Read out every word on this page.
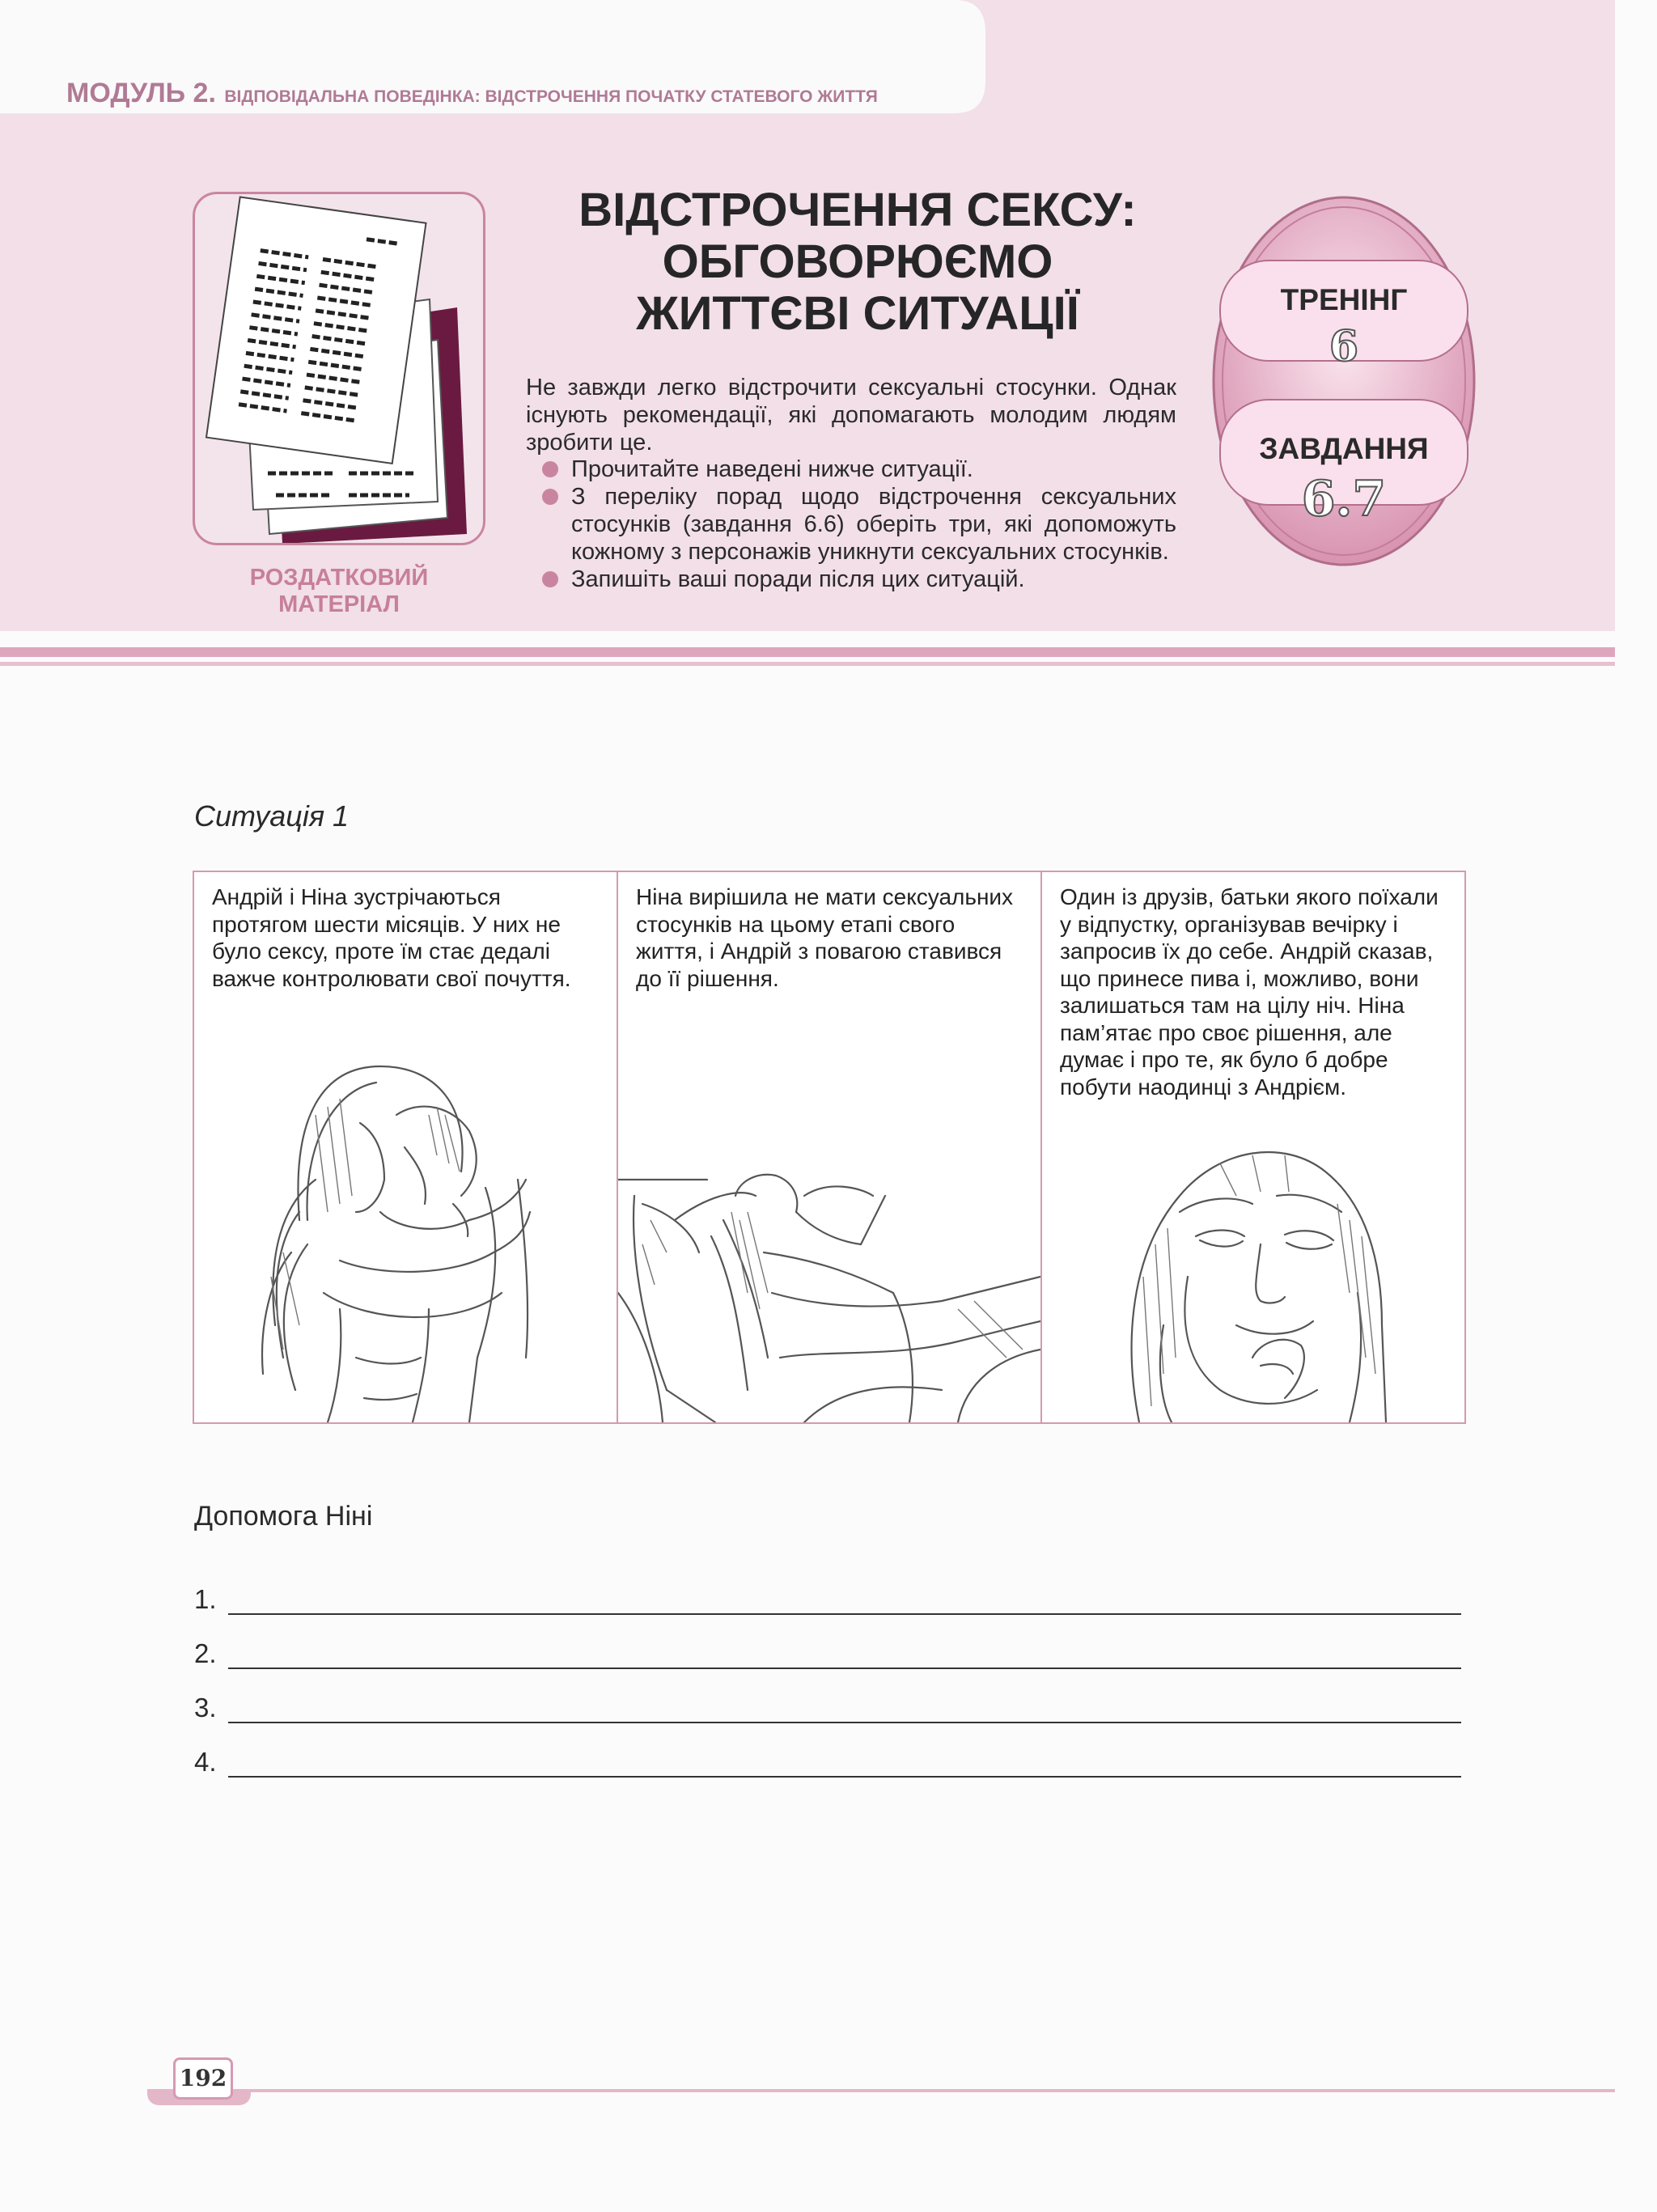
МОДУЛЬ 2. ВІДПОВІДАЛЬНА ПОВЕДІНКА: ВІДСТРОЧЕННЯ ПОЧАТКУ СТАТЕВОГО ЖИТТЯ
РОЗДАТКОВИЙ
МАТЕРІАЛ
ВІДСТРОЧЕННЯ СЕКСУ:
ОБГОВОРЮЄМО
ЖИТТЄВІ СИТУАЦІЇ
Не завжди легко відстрочити сексуальні стосунки. Однак існують рекомендації, які допомагають молодим людям зробити це.
Прочитайте наведені нижче ситуації.
З переліку порад щодо відстрочення сексуальних стосунків (завдання 6.6) оберіть три, які допоможуть кожному з персонажів уникнути сексуальних стосунків.
Запишіть ваші поради після цих ситуацій.
ТРЕНІНГ
6
ЗАВДАННЯ
6.7
Ситуація 1
Андрій і Ніна зустрічаються протягом шести місяців. У них не було сексу, проте їм стає дедалі важче контролювати свої почуття.
Ніна вирішила не мати сексуальних стосунків на цьому етапі свого життя, і Андрій з повагою ставився до її рішення.
Один із друзів, батьки якого поїхали у відпустку, організував вечірку і запросив їх до себе. Андрій сказав, що принесе пива і, можливо, вони залишаться там на цілу ніч. Ніна пам’ятає про своє рішення, але думає і про те, як було б добре побути наодинці з Андрієм.
Допомога Ніні
1.
2.
3.
4.
192
